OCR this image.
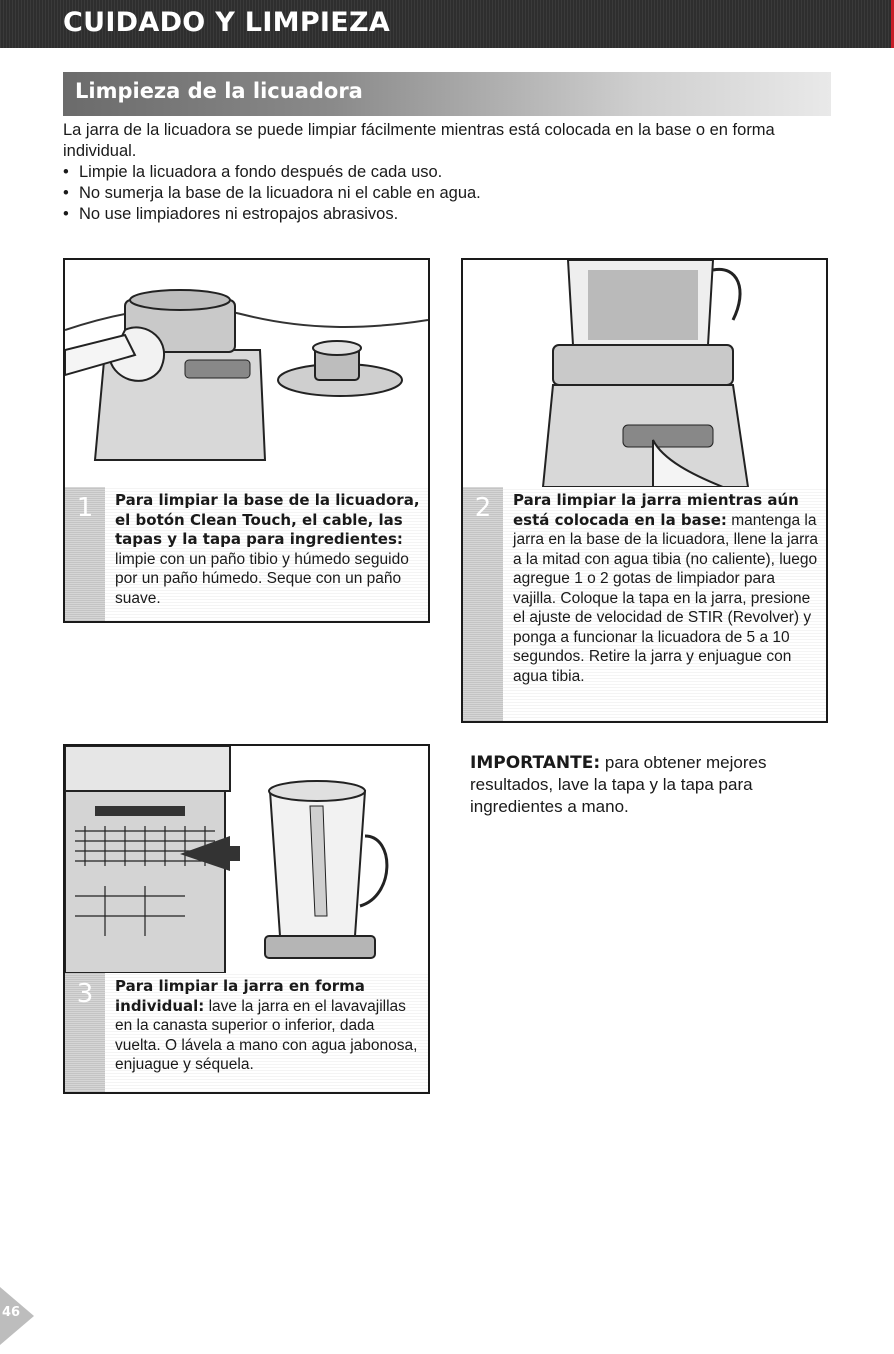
CUIDADO Y LIMPIEZA
Limpieza de la licuadora

La jarra de la licuadora se puede limpiar fácilmente mientras está colocada en la base o en forma individual.

• Limpie la licuadora a fondo después de cada uso.
• No sumerja la base de la licuadora ni el cable en agua.
• No use limpiadores ni estropajos abrasivos.
1	Para limpiar la base de la licuadora, el botón Clean Touch, el cable, las tapas y la tapa para ingredientes: limpie con un paño tibio y húmedo seguido por un paño húmedo. Seque con un paño suave.
2	Para limpiar la jarra mientras aún está colocada en la base: mantenga la jarra en la base de la licuadora, llene la jarra a la mitad con agua tibia (no caliente), luego agregue 1 o 2 gotas de limpiador para vajilla. Coloque la tapa en la jarra, presione el ajuste de velocidad de STIR (Revolver) y ponga a funcionar la licuadora de 5 a 10 segundos. Retire la jarra y enjuague con agua tibia.
3	Para limpiar la jarra en forma individual: lave la jarra en el lavavajillas en la canasta superior o inferior, dada vuelta. O lávela a mano con agua jabonosa, enjuague y séquela.
IMPORTANTE: para obtener mejores resultados, lave la tapa y la tapa para ingredientes a mano.
46
